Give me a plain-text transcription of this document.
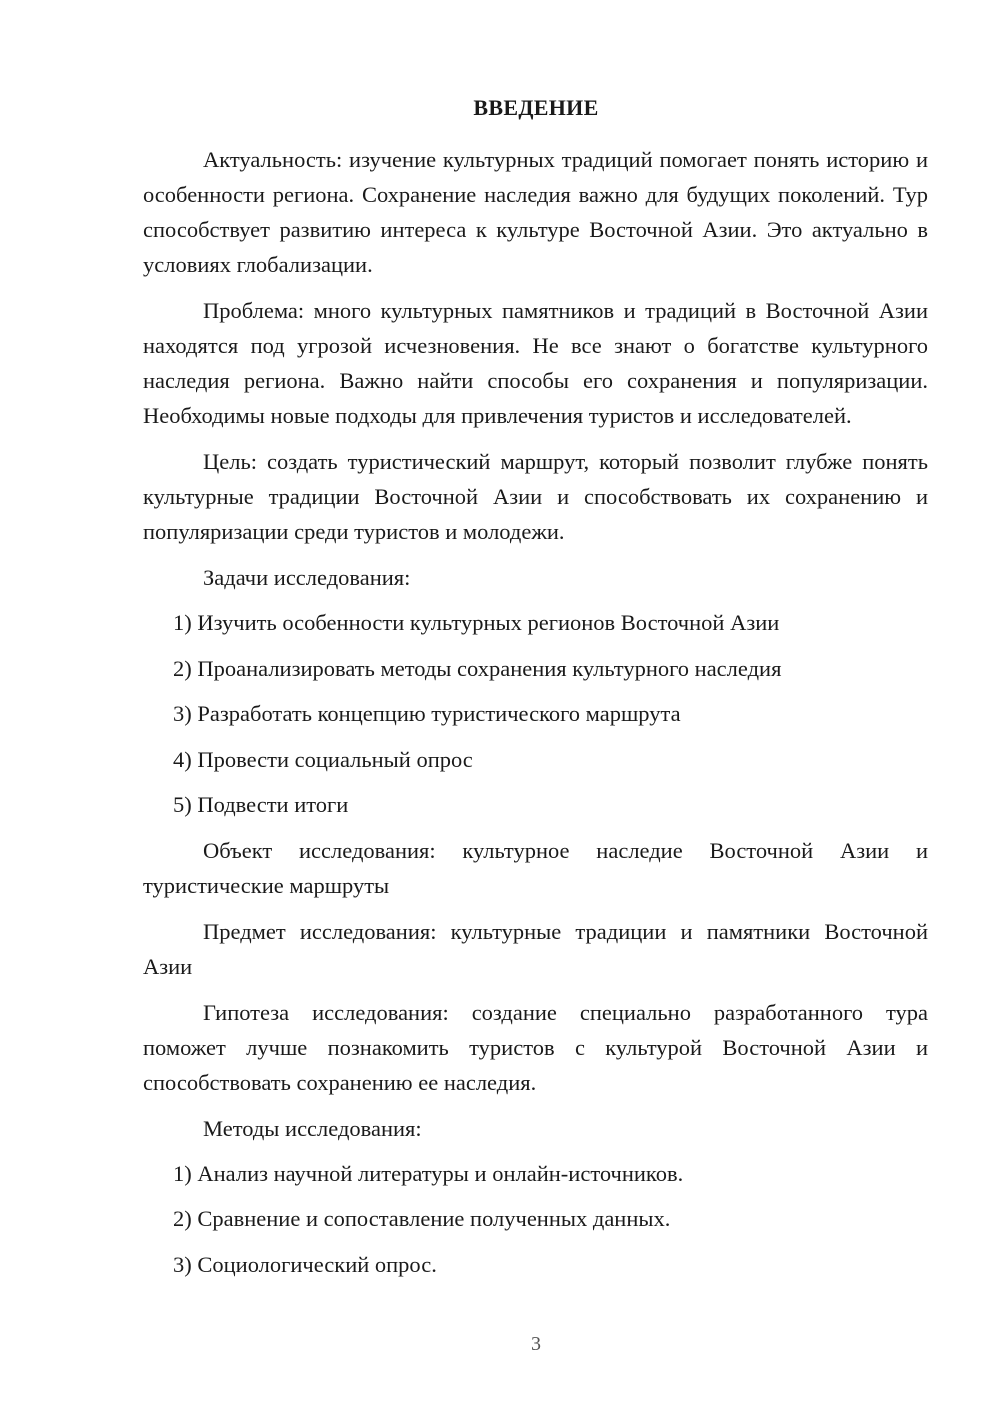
ВВЕДЕНИЕ

Актуальность: изучение культурных традиций помогает понять историю и особенности региона. Сохранение наследия важно для будущих поколений. Тур способствует развитию интереса к культуре Восточной Азии. Это актуально в условиях глобализации.

Проблема: много культурных памятников и традиций в Восточной Азии находятся под угрозой исчезновения. Не все знают о богатстве культурного наследия региона. Важно найти способы его сохранения и популяризации. Необходимы новые подходы для привлечения туристов и исследователей.

Цель: создать туристический маршрут, который позволит глубже понять культурные традиции Восточной Азии и способствовать их сохранению и популяризации среди туристов и молодежи.

Задачи исследования:
1) Изучить особенности культурных регионов Восточной Азии
2) Проанализировать методы сохранения культурного наследия
3) Разработать концепцию туристического маршрута
4) Провести социальный опрос
5) Подвести итоги

Объект исследования: культурное наследие Восточной Азии и туристические маршруты

Предмет исследования: культурные традиции и памятники Восточной Азии

Гипотеза исследования: создание специально разработанного тура поможет лучше познакомить туристов с культурой Восточной Азии и способствовать сохранению ее наследия.

Методы исследования:
1) Анализ научной литературы и онлайн-источников.
2) Сравнение и сопоставление полученных данных.
3) Социологический опрос.
3
